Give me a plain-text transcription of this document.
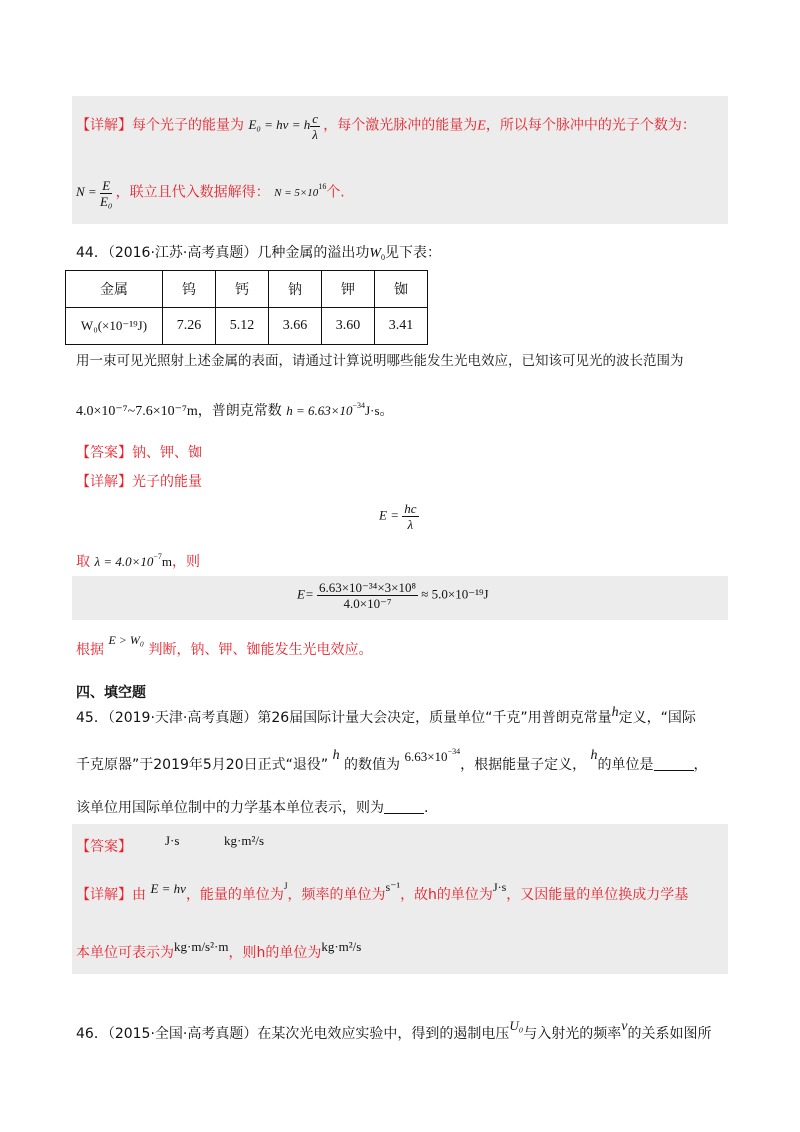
【详解】每个光子的能量为 E₀ = hν = h $\frac{c}{\lambda}$ ，每个激光脉冲的能量为E，所以每个脉冲中的光子个数为：
$N = \frac{E}{\text{E₀}}$ ，联立且代入数据解得： $N = 5\times 10^{16}$个.
44．（2016·江苏·高考真题）几种金属的溢出功$W_0$见下表：
金属	钨	钙	钠	钾	铷
W₀(×10⁻¹⁹J)	7.26	5.12	3.66	3.60	3.41
用一束可见光照射上述金属的表面，请通过计算说明哪些能发生光电效应，已知该可见光的波长范围为
4.0×10⁻⁷~7.6×10⁻⁷m，普朗克常数 $h = 6.63\times 10^{-34}J\cdot s$。
【答案】钠、钾、铷
【详解】光子的能量
$E = \frac{hc}{\lambda}$
取 $\lambda = 4.0\times 10^{-7}m$，则
$E= \frac{\text{6.63×10⁻³⁴×3×10⁸}}{\text{4.0×10⁻⁷}} \approx 5.0\times 10^{-19}J$
根据 E > W₀ 判断，钠、钾、铷能发生光电效应。
四、填空题
45．（2019·天津·高考真题）第26届国际计量大会决定，质量单位“千克”用普朗克常量h定义，“国际
千克原器”于2019年5月20日正式“退役” h 的数值为 $6.63\times 10^{-34}$，根据能量子定义， h的单位是	，
该单位用国际单位制中的力学基本单位表示，则为	.
【答案】	J·s	kg·m²/s
【详解】由 E = hν，能量的单位为$^J$，频率的单位为s⁻¹，故h的单位为J·s，又因能量的单位换成力学基
本单位可表示为kg·m/s²·m，则h的单位为kg·m²/s
46．（2015·全国·高考真题）在某次光电效应实验中，得到的遏制电压U₀与入射光的频率ν的关系如图所
